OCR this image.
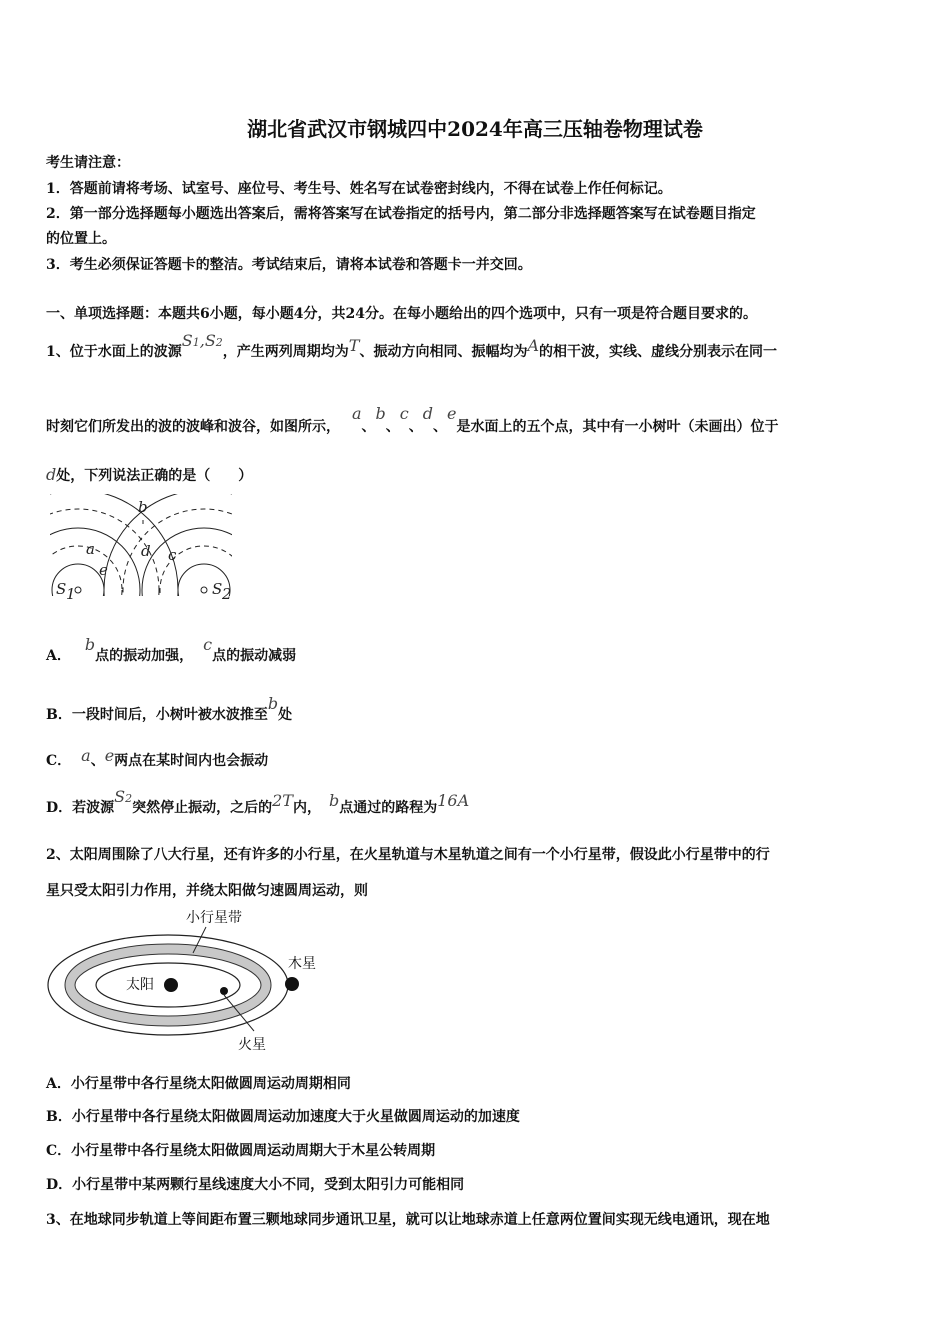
湖北省武汉市钢城四中2024年高三压轴卷物理试卷
考生请注意：
1．答题前请将考场、试室号、座位号、考生号、姓名写在试卷密封线内，不得在试卷上作任何标记。
2．第一部分选择题每小题选出答案后，需将答案写在试卷指定的括号内，第二部分非选择题答案写在试卷题目指定
的位置上。
3．考生必须保证答题卡的整洁。考试结束后，请将本试卷和答题卡一并交回。
一、单项选择题：本题共6小题，每小题4分，共24分。在每小题给出的四个选项中，只有一项是符合题目要求的。
1、位于水面上的波源S1,S2，产生两列周期均为T、振动方向相同、振幅均为A的相干波，实线、虚线分别表示在同一
时刻它们所发出的波的波峰和波谷，如图所示，a、b、c、d、e是水面上的五个点，其中有一小树叶（未画出）位于
d处，下列说法正确的是（　　）
b
a	d c
e
S 1	S 2
A．b点的振动加强，c点的振动减弱
B．一段时间后，小树叶被水波推至b处
C． a、e两点在某时间内也会振动
D．若波源S2突然停止振动，之后的2T内， b点通过的路程为16A
2、太阳周围除了八大行星，还有许多的小行星，在火星轨道与木星轨道之间有一个小行星带，假设此小行星带中的行
星只受太阳引力作用，并绕太阳做匀速圆周运动，则
小行星带
木星
太阳
火星
A．小行星带中各行星绕太阳做圆周运动周期相同
B．小行星带中各行星绕太阳做圆周运动加速度大于火星做圆周运动的加速度
C．小行星带中各行星绕太阳做圆周运动周期大于木星公转周期
D．小行星带中某两颗行星线速度大小不同，受到太阳引力可能相同
3、在地球同步轨道上等间距布置三颗地球同步通讯卫星，就可以让地球赤道上任意两位置间实现无线电通讯，现在地
